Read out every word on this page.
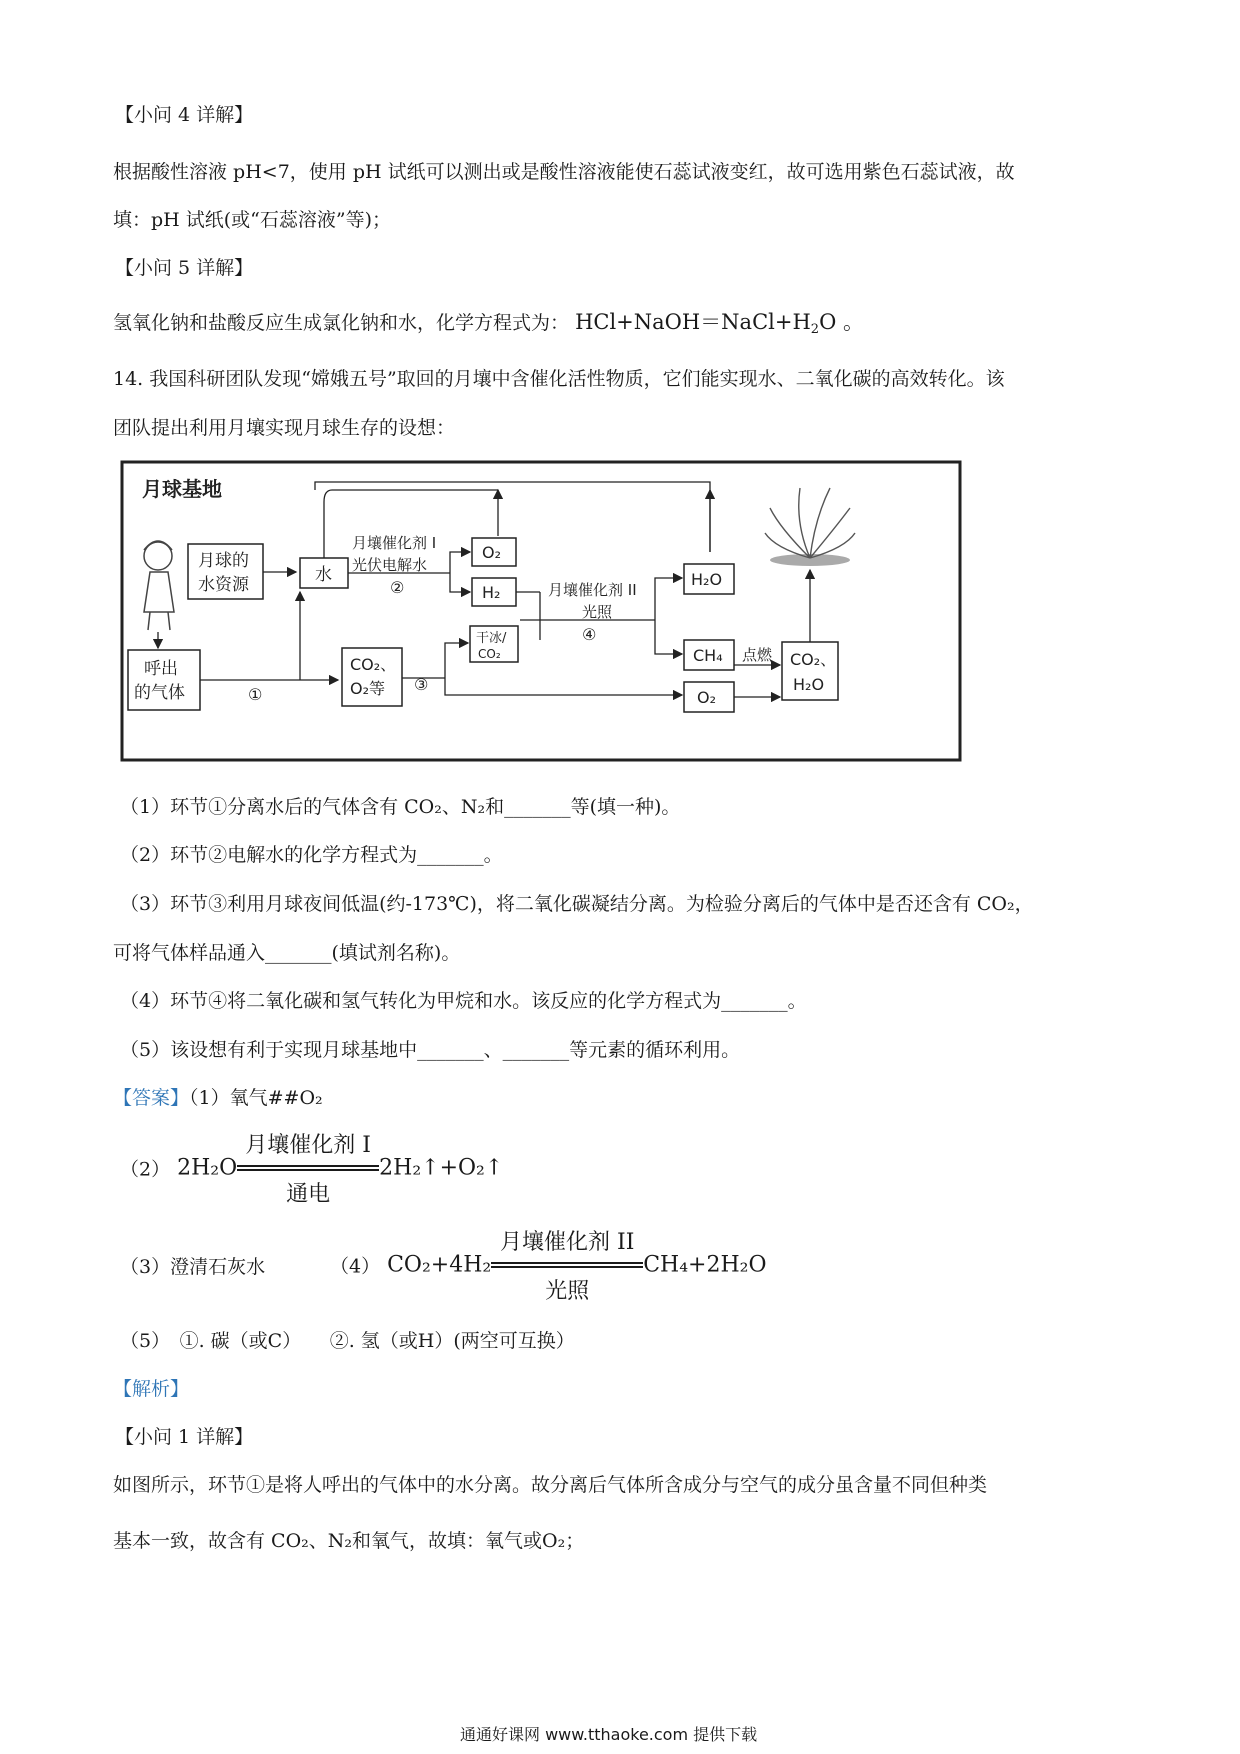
【小问 4 详解】
根据酸性溶液 pH<7，使用 pH 试纸可以测出或是酸性溶液能使石蕊试液变红，故可选用紫色石蕊试液，故
填：pH 试纸(或“石蕊溶液”等)；
【小问 5 详解】
氢氧化钠和盐酸反应生成氯化钠和水，化学方程式为： $HCl+NaOH=NaCl+H_2O$ 。
14. 我国科研团队发现“嫦娥五号”取回的月壤中含催化活性物质，它们能实现水、二氧化碳的高效转化。该
团队提出利用月壤实现月球生存的设想：
月球基地
月球的
水资源	水
月壤催化剂 I
光伏电解水
②
O₂
H₂	月壤催化剂 II
光照
④
H₂O
CH₄ 点燃 CO₂、
H₂O
干冰/
CO₂
呼出
的气体	①
CO₂、
O₂等 ③
O₂
（1）环节①分离水后的气体含有 CO₂、N₂和_______等(填一种)。
（2）环节②电解水的化学方程式为_______。
（3）环节③利用月球夜间低温(约-173℃)，将二氧化碳凝结分离。为检验分离后的气体中是否还含有 CO₂，
可将气体样品通入_______(填试剂名称)。
（4）环节④将二氧化碳和氢气转化为甲烷和水。该反应的化学方程式为_______。
（5）该设想有利于实现月球基地中_______、_______等元素的循环利用。
【答案】（1）氧气##O₂
（2） 2H₂O
月壤催化剂 I
通电
2H₂↑+O₂↑
（3）澄清石灰水	（4） CO₂+4H₂
月壤催化剂 II
光照
CH₄+2H₂O
（5）　①. 碳（或C）　　②. 氢（或H）(两空可互换）
【解析】
【小问 1 详解】
如图所示，环节①是将人呼出的气体中的水分离。故分离后气体所含成分与空气的成分虽含量不同但种类
基本一致，故含有 CO₂、N₂和氧气，故填：氧气或O₂；
通通好课网 www.tthaoke.com 提供下载
